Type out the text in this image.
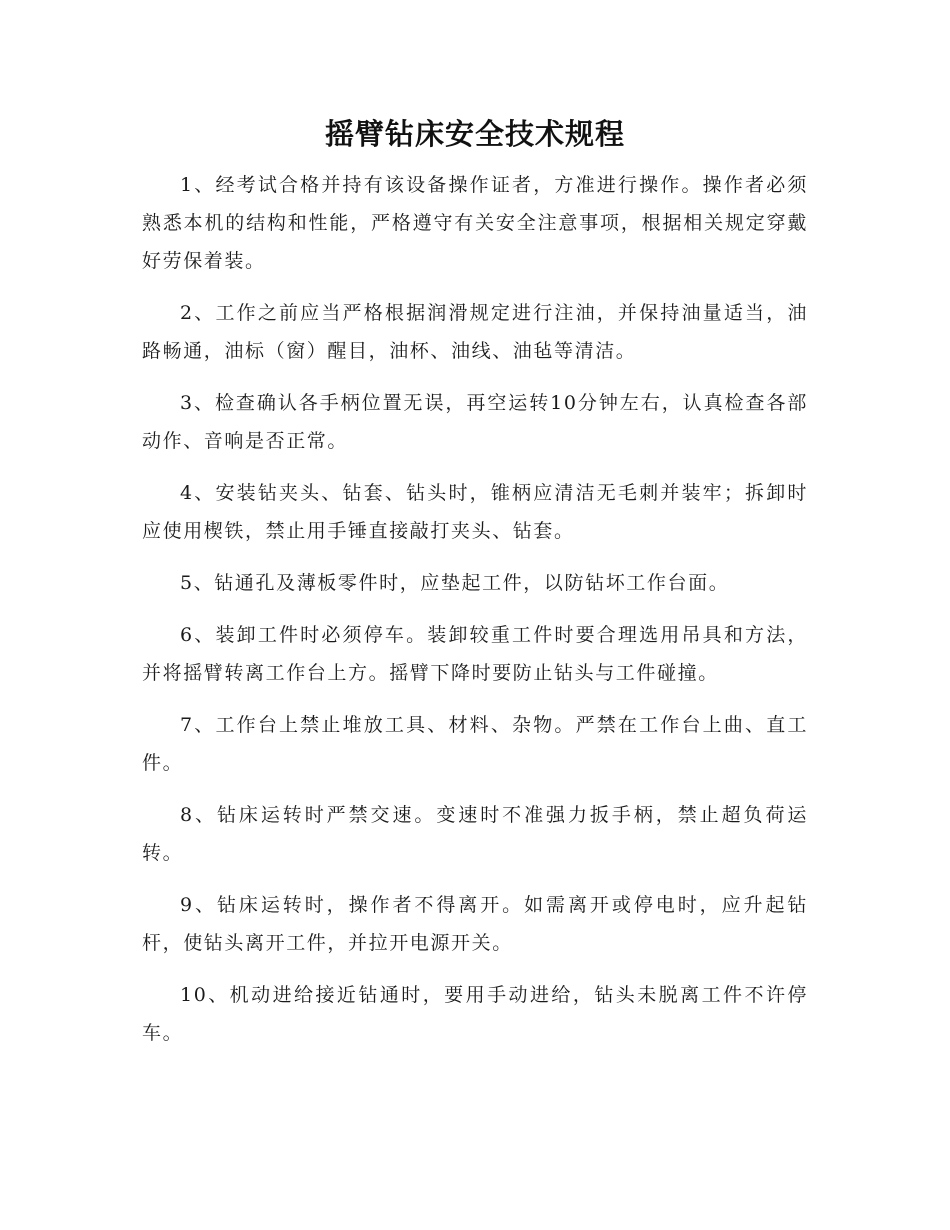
摇臂钻床安全技术规程

1、经考试合格并持有该设备操作证者，方准进行操作。操作者必须熟悉本机的结构和性能，严格遵守有关安全注意事项，根据相关规定穿戴好劳保着装。

2、工作之前应当严格根据润滑规定进行注油，并保持油量适当，油路畅通，油标（窗）醒目，油杯、油线、油毡等清洁。

3、检查确认各手柄位置无误，再空运转10分钟左右，认真检查各部动作、音响是否正常。

4、安装钻夹头、钻套、钻头时，锥柄应清洁无毛刺并装牢；拆卸时应使用楔铁，禁止用手锤直接敲打夹头、钻套。

5、钻通孔及薄板零件时，应垫起工件，以防钻坏工作台面。

6、装卸工件时必须停车。装卸较重工件时要合理选用吊具和方法，并将摇臂转离工作台上方。摇臂下降时要防止钻头与工件碰撞。

7、工作台上禁止堆放工具、材料、杂物。严禁在工作台上曲、直工件。

8、钻床运转时严禁交速。变速时不准强力扳手柄，禁止超负荷运转。

9、钻床运转时，操作者不得离开。如需离开或停电时，应升起钻杆，使钻头离开工件，并拉开电源开关。

10、机动进给接近钻通时，要用手动进给，钻头未脱离工件不许停车。
